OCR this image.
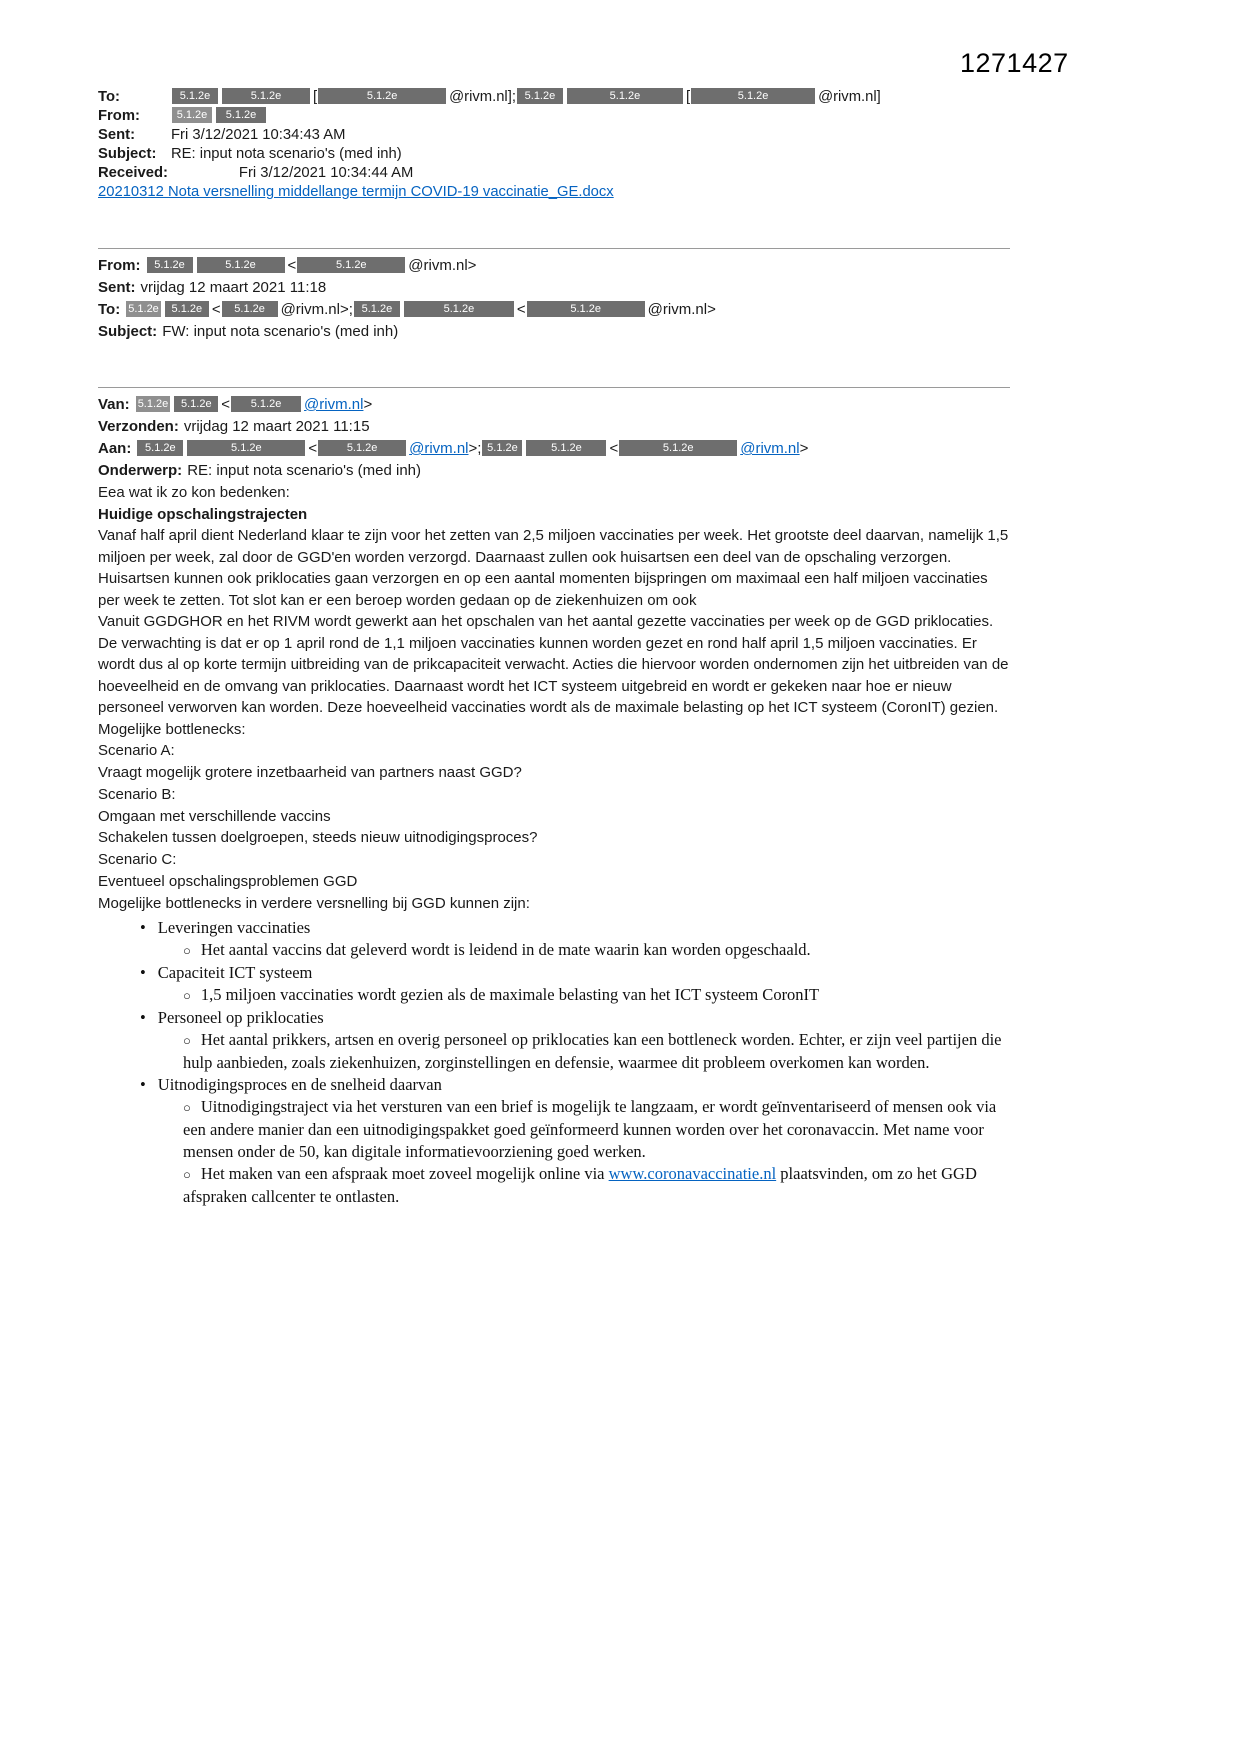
1271427
To:	5.1.2e	5.1.2e [	5.1.2e	@rivm.nl]; 5.1.2e	5.1.2e	[	5.1.2e	@rivm.nl]
From:	5.1.2e 5.1.2e
Sent: Fri 3/12/2021 10:34:43 AM
Subject: RE: input nota scenario's (med inh)
Received:	Fri 3/12/2021 10:34:44 AM
20210312 Nota versnelling middellange termijn COVID-19 vaccinatie_GE.docx
From: 5.1.2e	5.1.2e <	5.1.2e	@rivm.nl>
Sent: vrijdag 12 maart 2021 11:18
To: 5.1.2e 5.1.2e < 5.1.2e @rivm.nl>; 5.1.2e	5.1.2e	<	5.1.2e	@rivm.nl>
Subject: FW: input nota scenario's (med inh)
Van: 5.1.2e 5.1.2e < 5.1.2e @rivm.nl>
Verzonden: vrijdag 12 maart 2021 11:15
Aan: 5.1.2e	5.1.2e	<	5.1.2e @rivm.nl>; 5.1.2e	5.1.2e <	5.1.2e	@rivm.nl>
Onderwerp: RE: input nota scenario's (med inh)

Eea wat ik zo kon bedenken:

Huidige opschalingstrajecten

Vanaf half april dient Nederland klaar te zijn voor het zetten van 2,5 miljoen vaccinaties per week. Het grootste deel daarvan, namelijk 1,5 miljoen per week, zal door de GGD'en worden verzorgd. Daarnaast zullen ook huisartsen een deel van de opschaling verzorgen. Huisartsen kunnen ook priklocaties gaan verzorgen en op een aantal momenten bijspringen om maximaal een half miljoen vaccinaties per week te zetten. Tot slot kan er een beroep worden gedaan op de ziekenhuizen om ook

Vanuit GGDGHOR en het RIVM wordt gewerkt aan het opschalen van het aantal gezette vaccinaties per week op de GGD priklocaties. De verwachting is dat er op 1 april rond de 1,1 miljoen vaccinaties kunnen worden gezet en rond half april 1,5 miljoen vaccinaties. Er wordt dus al op korte termijn uitbreiding van de prikcapaciteit verwacht. Acties die hiervoor worden ondernomen zijn het uitbreiden van de hoeveelheid en de omvang van priklocaties. Daarnaast wordt het ICT systeem uitgebreid en wordt er gekeken naar hoe er nieuw personeel verworven kan worden. Deze hoeveelheid vaccinaties wordt als de maximale belasting op het ICT systeem (CoronIT) gezien.

Mogelijke bottlenecks:

Scenario A:

Vraagt mogelijk grotere inzetbaarheid van partners naast GGD?

Scenario B:

Omgaan met verschillende vaccins

Schakelen tussen doelgroepen, steeds nieuw uitnodigingsproces?

Scenario C:

Eventueel opschalingsproblemen GGD

Mogelijke bottlenecks in verdere versnelling bij GGD kunnen zijn:

• Leveringen vaccinaties
○ Het aantal vaccins dat geleverd wordt is leidend in de mate waarin kan worden opgeschaald.
• Capaciteit ICT systeem
○ 1,5 miljoen vaccinaties wordt gezien als de maximale belasting van het ICT systeem CoronIT
• Personeel op priklocaties
○ Het aantal prikkers, artsen en overig personeel op priklocaties kan een bottleneck worden. Echter, er zijn veel partijen die hulp aanbieden, zoals ziekenhuizen, zorginstellingen en defensie, waarmee dit probleem overkomen kan worden.
• Uitnodigingsproces en de snelheid daarvan
○ Uitnodigingstraject via het versturen van een brief is mogelijk te langzaam, er wordt geïnventariseerd of mensen ook via een andere manier dan een uitnodigingspakket goed geïnformeerd kunnen worden over het coronavaccin. Met name voor mensen onder de 50, kan digitale informatievoorziening goed werken.
○ Het maken van een afspraak moet zoveel mogelijk online via www.coronavaccinatie.nl plaatsvinden, om zo het GGD afspraken callcenter te ontlasten.
